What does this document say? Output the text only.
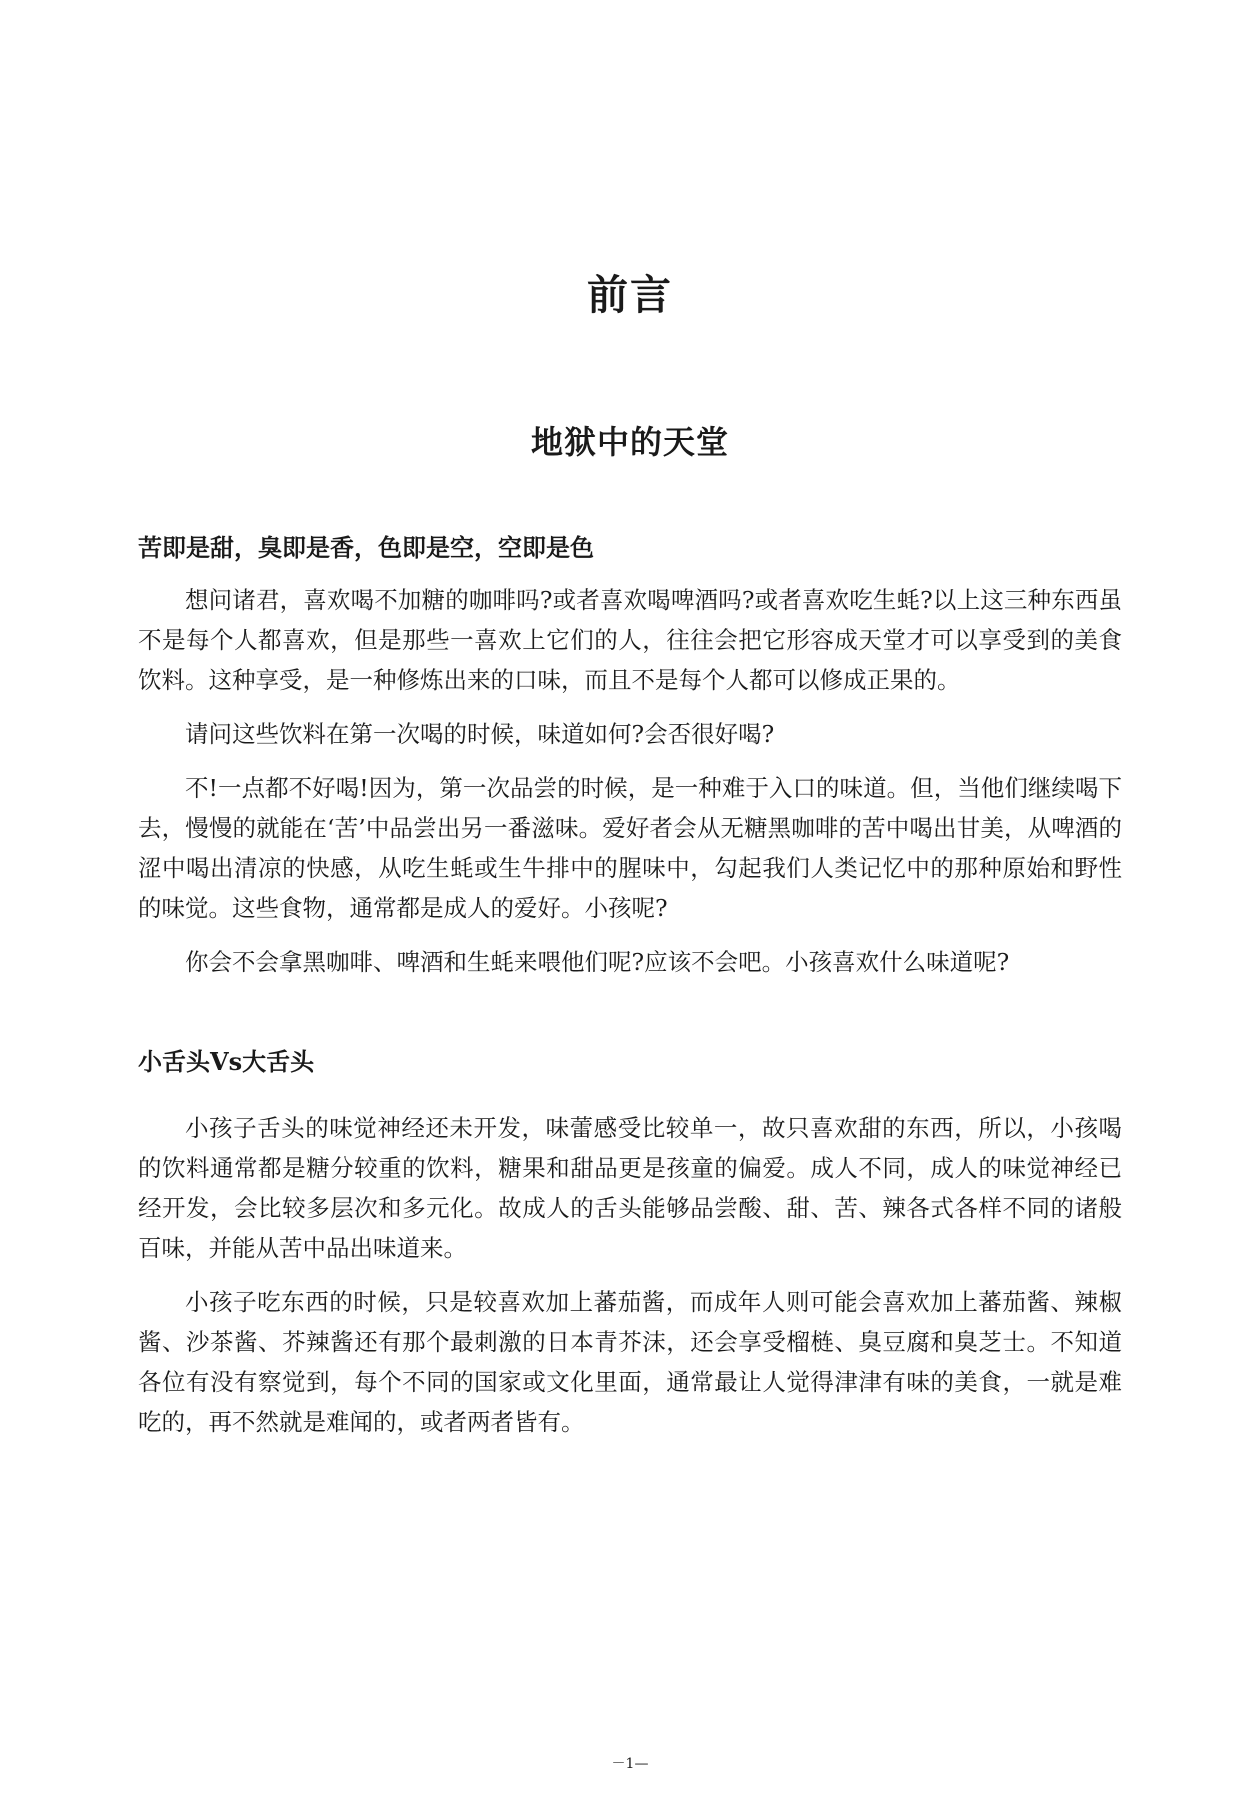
前言
地狱中的天堂
苦即是甜，臭即是香，色即是空，空即是色

想问诸君，喜欢喝不加糖的咖啡吗?或者喜欢喝啤酒吗?或者喜欢吃生蚝?以上这三种东西虽不是每个人都喜欢，但是那些一喜欢上它们的人，往往会把它形容成天堂才可以享受到的美食饮料。这种享受，是一种修炼出来的口味，而且不是每个人都可以修成正果的。

请问这些饮料在第一次喝的时候，味道如何?会否很好喝?

不!一点都不好喝!因为，第一次品尝的时候，是一种难于入口的味道。但，当他们继续喝下去，慢慢的就能在‘苦’中品尝出另一番滋味。爱好者会从无糖黑咖啡的苦中喝出甘美，从啤酒的涩中喝出清凉的快感，从吃生蚝或生牛排中的腥味中，勾起我们人类记忆中的那种原始和野性的味觉。这些食物，通常都是成人的爱好。小孩呢?

你会不会拿黑咖啡、啤酒和生蚝来喂他们呢?应该不会吧。小孩喜欢什么味道呢?

小舌头Vs大舌头

小孩子舌头的味觉神经还未开发，味蕾感受比较单一，故只喜欢甜的东西，所以，小孩喝的饮料通常都是糖分较重的饮料，糖果和甜品更是孩童的偏爱。成人不同，成人的味觉神经已经开发，会比较多层次和多元化。故成人的舌头能够品尝酸、甜、苦、辣各式各样不同的诸般百味，并能从苦中品出味道来。

小孩子吃东西的时候，只是较喜欢加上蕃茄酱，而成年人则可能会喜欢加上蕃茄酱、辣椒酱、沙茶酱、芥辣酱还有那个最刺激的日本青芥沫，还会享受榴梿、臭豆腐和臭芝士。不知道各位有没有察觉到，每个不同的国家或文化里面，通常最让人觉得津津有味的美食，一就是难吃的，再不然就是难闻的，或者两者皆有。

－1—
